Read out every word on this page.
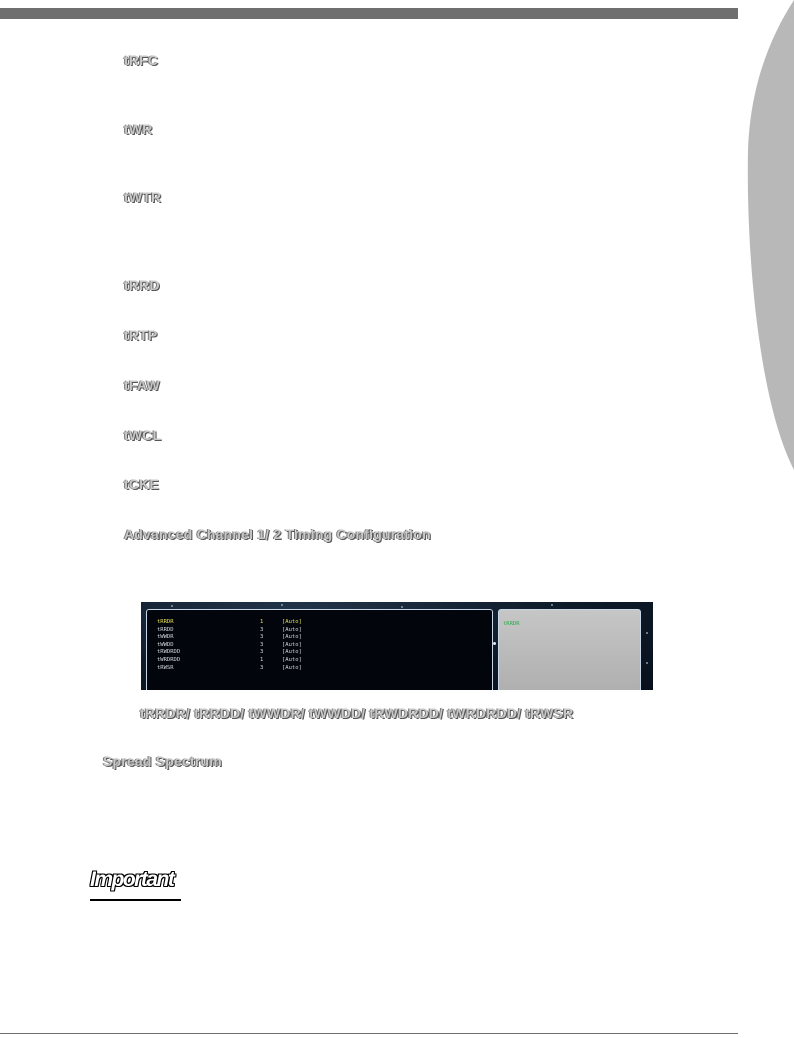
tRFC
tWR
tWTR
tRRD
tRTP
tFAW
tWCL
tCKE
Advanced Channel 1/ 2 Timing Configuration
tRRDR	1	[Auto]
tRRDD	3	[Auto]
tWWDR	3	[Auto]
tWWDD	3	[Auto]
tRWDRDD	3	[Auto]
tWRDRDD	1	[Auto]
tRWSR	3	[Auto]
tRRDR
tRRDR/ tRRDD/ tWWDR/ tWWDD/ tRWDRDD/ tWRDRDD/ tRWSR
Spread Spectrum
Important
